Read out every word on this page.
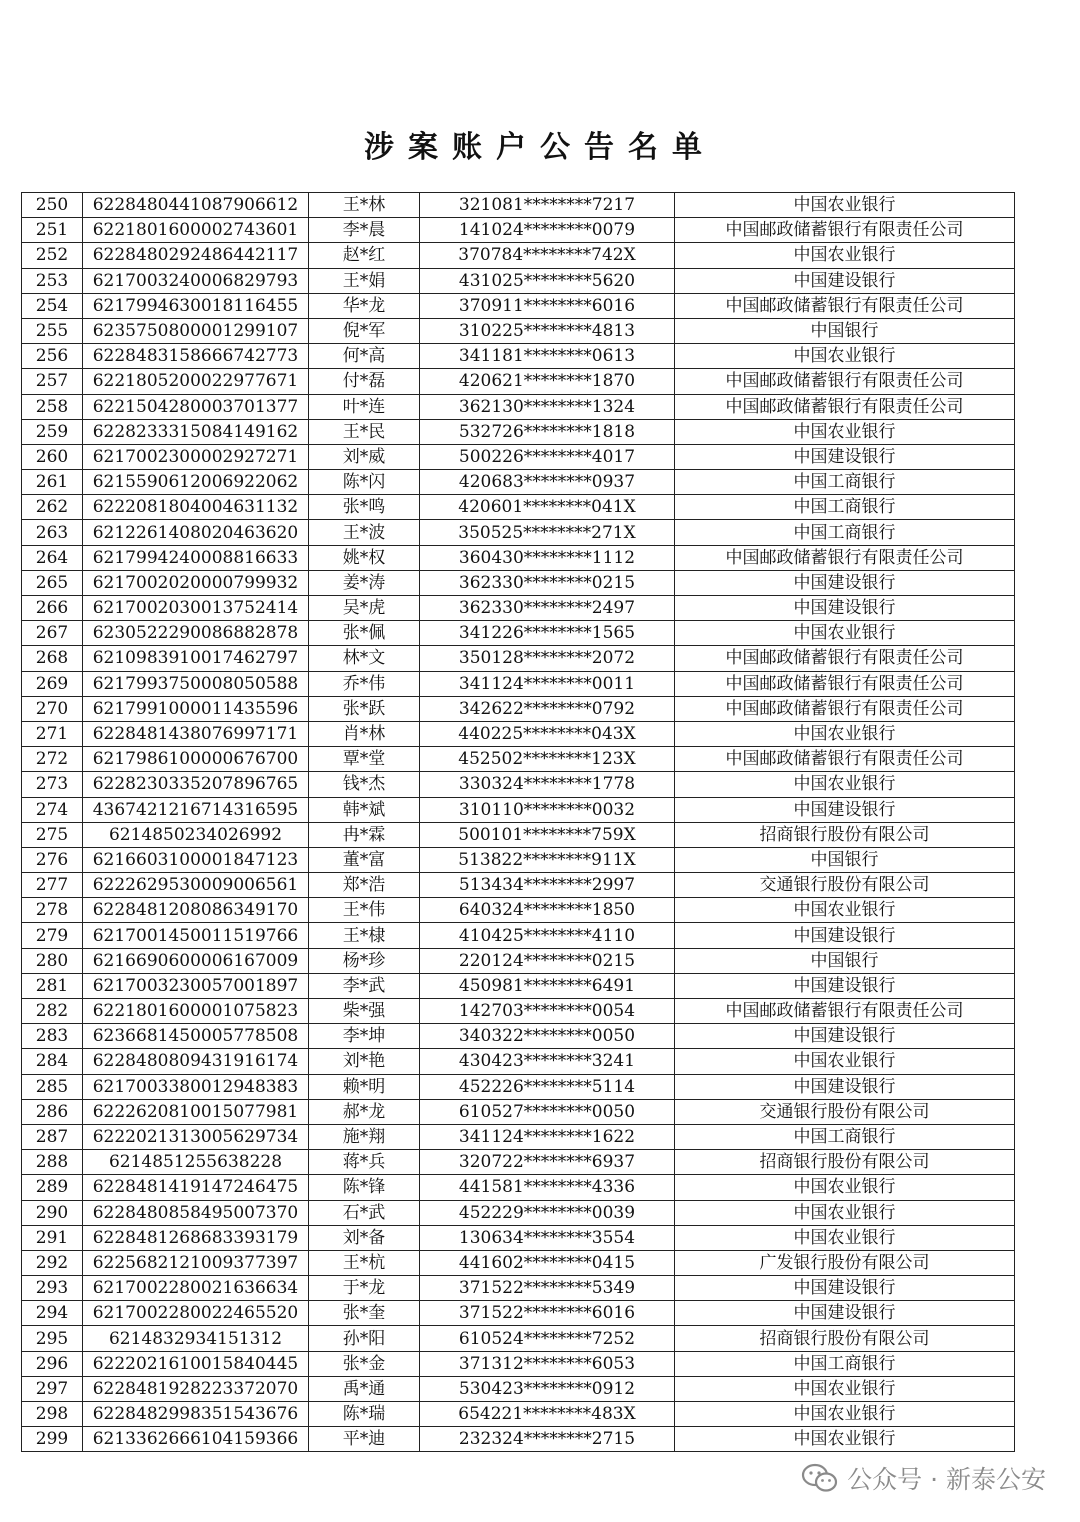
涉案账户公告名单
250	6228480441087906612	王*林	321081********7217	中国农业银行
251	6221801600002743601	李*晨	141024********0079	中国邮政储蓄银行有限责任公司
252	6228480292486442117	赵*红	370784********742X	中国农业银行
253	6217003240006829793	王*娟	431025********5620	中国建设银行
254	6217994630018116455	华*龙	370911********6016	中国邮政储蓄银行有限责任公司
255	6235750800001299107	倪*军	310225********4813	中国银行
256	6228483158666742773	何*高	341181********0613	中国农业银行
257	6221805200022977671	付*磊	420621********1870	中国邮政储蓄银行有限责任公司
258	6221504280003701377	叶*连	362130********1324	中国邮政储蓄银行有限责任公司
259	6228233315084149162	王*民	532726********1818	中国农业银行
260	6217002300002927271	刘*威	500226********4017	中国建设银行
261	6215590612006922062	陈*闪	420683********0937	中国工商银行
262	6222081804004631132	张*鸣	420601********041X	中国工商银行
263	6212261408020463620	王*波	350525********271X	中国工商银行
264	6217994240008816633	姚*权	360430********1112	中国邮政储蓄银行有限责任公司
265	6217002020000799932	姜*涛	362330********0215	中国建设银行
266	6217002030013752414	吴*虎	362330********2497	中国建设银行
267	6230522290086882878	张*佩	341226********1565	中国农业银行
268	6210983910017462797	林*文	350128********2072	中国邮政储蓄银行有限责任公司
269	6217993750008050588	乔*伟	341124********0011	中国邮政储蓄银行有限责任公司
270	6217991000011435596	张*跃	342622********0792	中国邮政储蓄银行有限责任公司
271	6228481438076997171	肖*林	440225********043X	中国农业银行
272	6217986100000676700	覃*堂	452502********123X	中国邮政储蓄银行有限责任公司
273	6228230335207896765	钱*杰	330324********1778	中国农业银行
274	4367421216714316595	韩*斌	310110********0032	中国建设银行
275	6214850234026992	冉*霖	500101********759X	招商银行股份有限公司
276	6216603100001847123	董*富	513822********911X	中国银行
277	6222629530009006561	郑*浩	513434********2997	交通银行股份有限公司
278	6228481208086349170	王*伟	640324********1850	中国农业银行
279	6217001450011519766	王*棣	410425********4110	中国建设银行
280	6216690600006167009	杨*珍	220124********0215	中国银行
281	6217003230057001897	李*武	450981********6491	中国建设银行
282	6221801600001075823	柴*强	142703********0054	中国邮政储蓄银行有限责任公司
283	6236681450005778508	李*坤	340322********0050	中国建设银行
284	6228480809431916174	刘*艳	430423********3241	中国农业银行
285	6217003380012948383	赖*明	452226********5114	中国建设银行
286	6222620810015077981	郝*龙	610527********0050	交通银行股份有限公司
287	6222021313005629734	施*翔	341124********1622	中国工商银行
288	6214851255638228	蒋*兵	320722********6937	招商银行股份有限公司
289	6228481419147246475	陈*锋	441581********4336	中国农业银行
290	6228480858495007370	石*武	452229********0039	中国农业银行
291	6228481268683393179	刘*备	130634********3554	中国农业银行
292	6225682121009377397	王*杭	441602********0415	广发银行股份有限公司
293	6217002280021636634	于*龙	371522********5349	中国建设银行
294	6217002280022465520	张*奎	371522********6016	中国建设银行
295	6214832934151312	孙*阳	610524********7252	招商银行股份有限公司
296	6222021610015840445	张*金	371312********6053	中国工商银行
297	6228481928223372070	禹*通	530423********0912	中国农业银行
298	6228482998351543676	陈*瑞	654221********483X	中国农业银行
299	6213362666104159366	平*迪	232324********2715	中国农业银行
公众号 · 新泰公安
